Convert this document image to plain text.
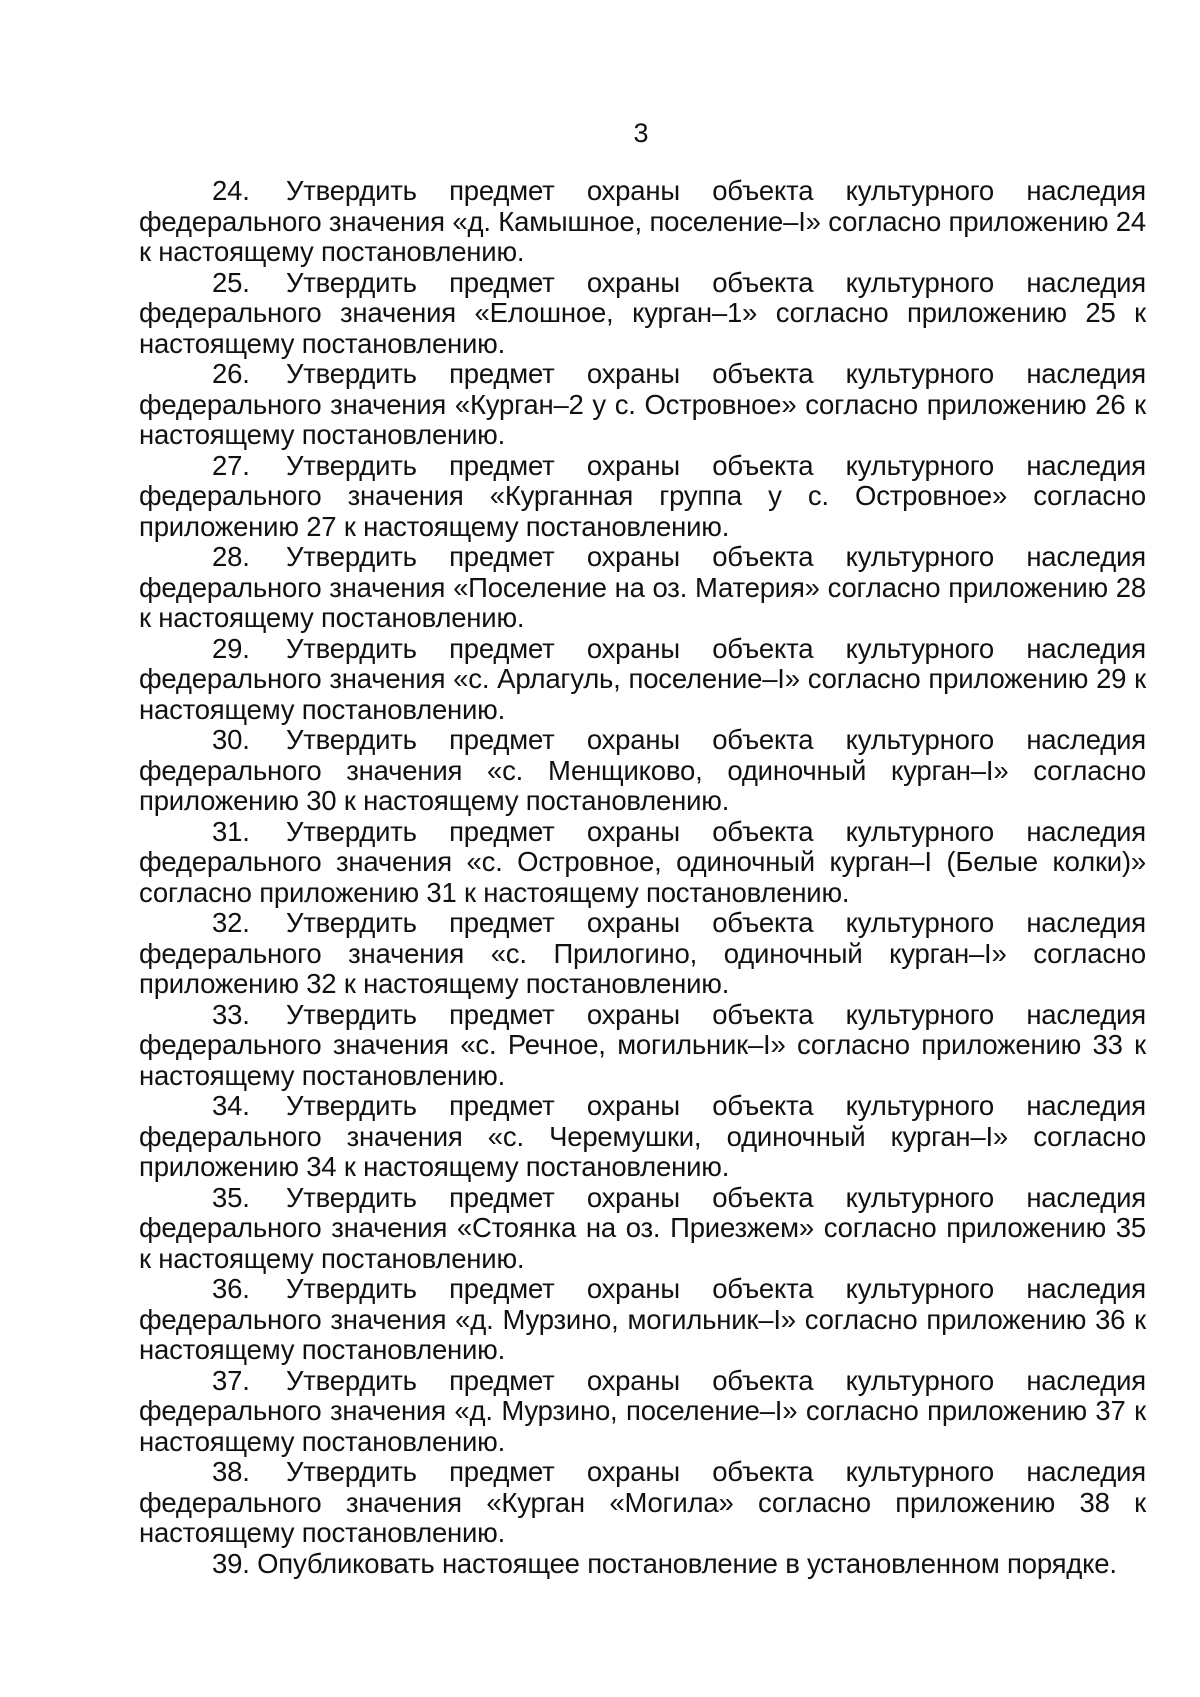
3

24. Утвердить предмет охраны объекта культурного наследия федерального значения «д. Камышное, поселение–I» согласно приложению 24 к настоящему постановлению.

25. Утвердить предмет охраны объекта культурного наследия федерального значения «Елошное, курган–1» согласно приложению 25 к настоящему постановлению.

26. Утвердить предмет охраны объекта культурного наследия федерального значения «Курган–2 у с. Островное» согласно приложению 26 к настоящему постановлению.

27. Утвердить предмет охраны объекта культурного наследия федерального значения «Курганная группа у с. Островное» согласно приложению 27 к настоящему постановлению.

28. Утвердить предмет охраны объекта культурного наследия федерального значения «Поселение на оз. Материя» согласно приложению 28 к настоящему постановлению.

29. Утвердить предмет охраны объекта культурного наследия федерального значения «с. Арлагуль, поселение–I» согласно приложению 29 к настоящему постановлению.

30. Утвердить предмет охраны объекта культурного наследия федерального значения «с. Менщиково, одиночный курган–I» согласно приложению 30 к настоящему постановлению.

31. Утвердить предмет охраны объекта культурного наследия федерального значения «с. Островное, одиночный курган–I (Белые колки)» согласно приложению 31 к настоящему постановлению.

32. Утвердить предмет охраны объекта культурного наследия федерального значения «с. Прилогино, одиночный курган–I» согласно приложению 32 к настоящему постановлению.

33. Утвердить предмет охраны объекта культурного наследия федерального значения «с. Речное, могильник–I» согласно приложению 33 к настоящему постановлению.

34. Утвердить предмет охраны объекта культурного наследия федерального значения «с. Черемушки, одиночный курган–I» согласно приложению 34 к настоящему постановлению.

35. Утвердить предмет охраны объекта культурного наследия федерального значения «Стоянка на оз. Приезжем» согласно приложению 35 к настоящему постановлению.

36. Утвердить предмет охраны объекта культурного наследия федерального значения «д. Мурзино, могильник–I» согласно приложению 36 к настоящему постановлению.

37. Утвердить предмет охраны объекта культурного наследия федерального значения «д. Мурзино, поселение–I» согласно приложению 37 к настоящему постановлению.

38. Утвердить предмет охраны объекта культурного наследия федерального значения «Курган «Могила» согласно приложению 38 к настоящему постановлению.

39. Опубликовать настоящее постановление в установленном порядке.
